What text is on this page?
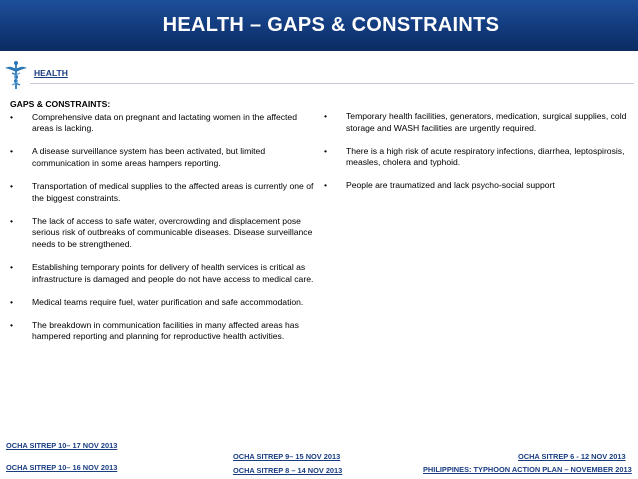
HEALTH – GAPS & CONSTRAINTS
HEALTH
GAPS & CONSTRAINTS:
• Comprehensive data on pregnant and lactating women in the affected areas is lacking.
• A disease surveillance system has been activated, but limited communication in some areas hampers reporting.
• Transportation of medical supplies to the affected areas is currently one of the biggest constraints.
• The lack of access to safe water, overcrowding and displacement pose serious risk of outbreaks of communicable diseases. Disease surveillance needs to be strengthened.
• Establishing temporary points for delivery of health services is critical as infrastructure is damaged and people do not have access to medical care.
• Medical teams require fuel, water purification and safe accommodation.
• The breakdown in communication facilities in many affected areas has hampered reporting and planning for reproductive health activities.
• Temporary health facilities, generators, medication, surgical supplies, cold storage and WASH facilities are urgently required.
• There is a high risk of acute respiratory infections, diarrhea, leptospirosis, measles, cholera and typhoid.
• People are traumatized and lack psycho-social support
OCHA SITREP 10– 17 NOV 2013
OCHA SITREP 10– 16 NOV 2013
OCHA SITREP 9– 15 NOV 2013
OCHA SITREP 8 – 14 NOV 2013
OCHA SITREP 6 - 12 NOV 2013
PHILIPPINES: TYPHOON ACTION PLAN – NOVEMBER 2013
